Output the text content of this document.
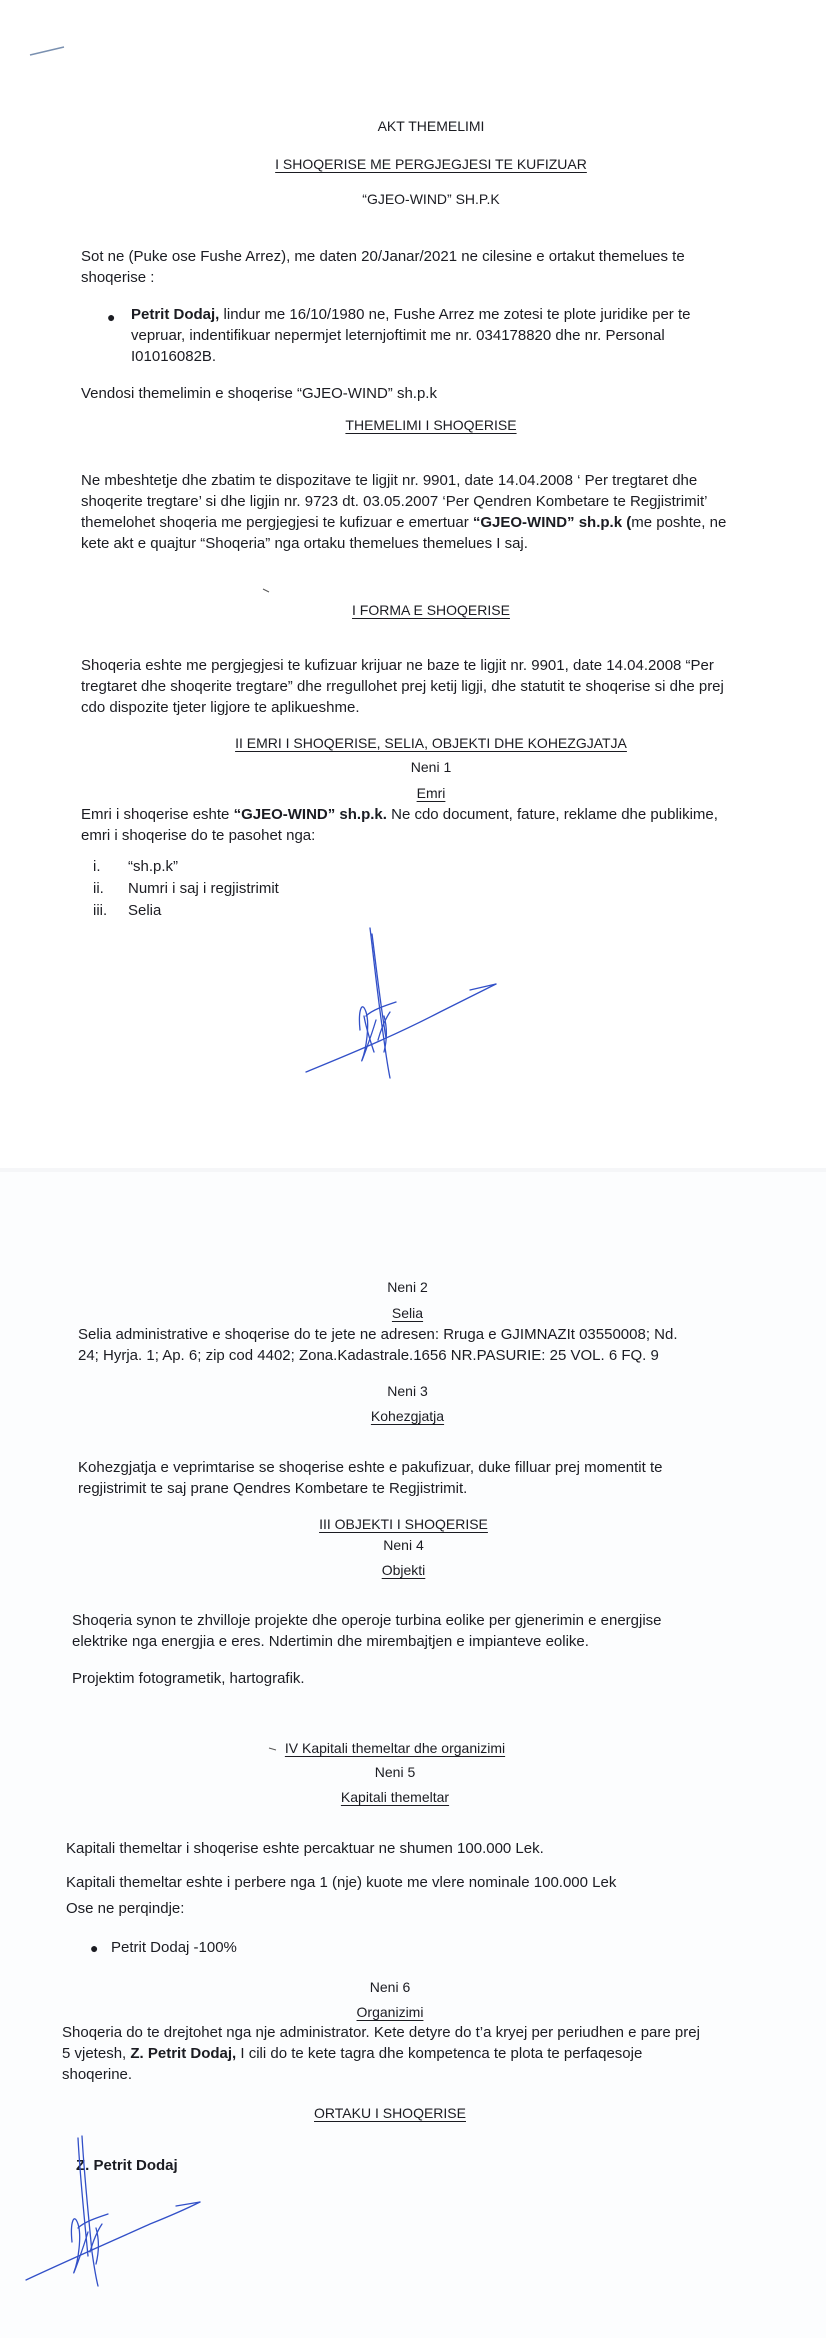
AKT THEMELIMI

I SHOQERISE ME PERGJEGJESI TE KUFIZUAR

“GJEO-WIND” SH.P.K

Sot ne (Puke ose Fushe Arrez), me daten 20/Janar/2021 ne cilesine e ortakut themelues te shoqerise :

● Petrit Dodaj, lindur me 16/10/1980 ne, Fushe Arrez me zotesi te plote juridike per te vepruar, indentifikuar nepermjet leternjoftimit me nr. 034178820 dhe nr. Personal I01016082B.

Vendosi themelimin e shoqerise “GJEO-WIND” sh.p.k

THEMELIMI I SHOQERISE

Ne mbeshtetje dhe zbatim te dispozitave te ligjit nr. 9901, date 14.04.2008 ‘ Per tregtaret dhe shoqerite tregtare’ si dhe ligjin nr. 9723 dt. 03.05.2007 ‘Per Qendren Kombetare te Regjistrimit’ themelohet shoqeria me pergjegjesi te kufizuar e emertuar “GJEO-WIND” sh.p.k (me poshte, ne kete akt e quajtur “Shoqeria” nga ortaku themelues themelues I saj.

I FORMA E SHOQERISE

Shoqeria eshte me pergjegjesi te kufizuar krijuar ne baze te ligjit nr. 9901, date 14.04.2008 “Per tregtaret dhe shoqerite tregtare” dhe rregullohet prej ketij ligji, dhe statutit te shoqerise si dhe prej cdo dispozite tjeter ligjore te aplikueshme.

II EMRI I SHOQERISE, SELIA, OBJEKTI DHE KOHEZGJATJA

Neni 1

Emri

Emri i shoqerise eshte “GJEO-WIND” sh.p.k. Ne cdo document, fature, reklame dhe publikime, emri i shoqerise do te pasohet nga:

i. “sh.p.k”
ii. Numri i saj i regjistrimit
iii. Selia

Neni 2

Selia

Selia administrative e shoqerise do te jete ne adresen: Rruga e GJIMNAZIt 03550008; Nd. 24; Hyrja. 1; Ap. 6; zip cod 4402; Zona.Kadastrale.1656 NR.PASURIE: 25 VOL. 6 FQ. 9

Neni 3

Kohezgjatja

Kohezgjatja e veprimtarise se shoqerise eshte e pakufizuar, duke filluar prej momentit te regjistrimit te saj prane Qendres Kombetare te Regjistrimit.

III OBJEKTI I SHOQERISE

Neni 4

Objekti

Shoqeria synon te zhvilloje projekte dhe operoje turbina eolike per gjenerimin e energjise elektrike nga energjia e eres. Ndertimin dhe mirembajtjen e impianteve eolike.

Projektim fotogrametik, hartografik.

IV Kapitali themeltar dhe organizimi

Neni 5

Kapitali themeltar

Kapitali themeltar i shoqerise eshte percaktuar ne shumen 100.000 Lek.

Kapitali themeltar eshte i perbere nga 1 (nje) kuote me vlere nominale 100.000 Lek

Ose ne perqindje:

● Petrit Dodaj -100%

Neni 6

Organizimi

Shoqeria do te drejtohet nga nje administrator. Kete detyre do t’a kryej per periudhen e pare prej 5 vjetesh, Z. Petrit Dodaj, I cili do te kete tagra dhe kompetenca te plota te perfaqesoje shoqerine.

ORTAKU I SHOQERISE

Z. Petrit Dodaj
